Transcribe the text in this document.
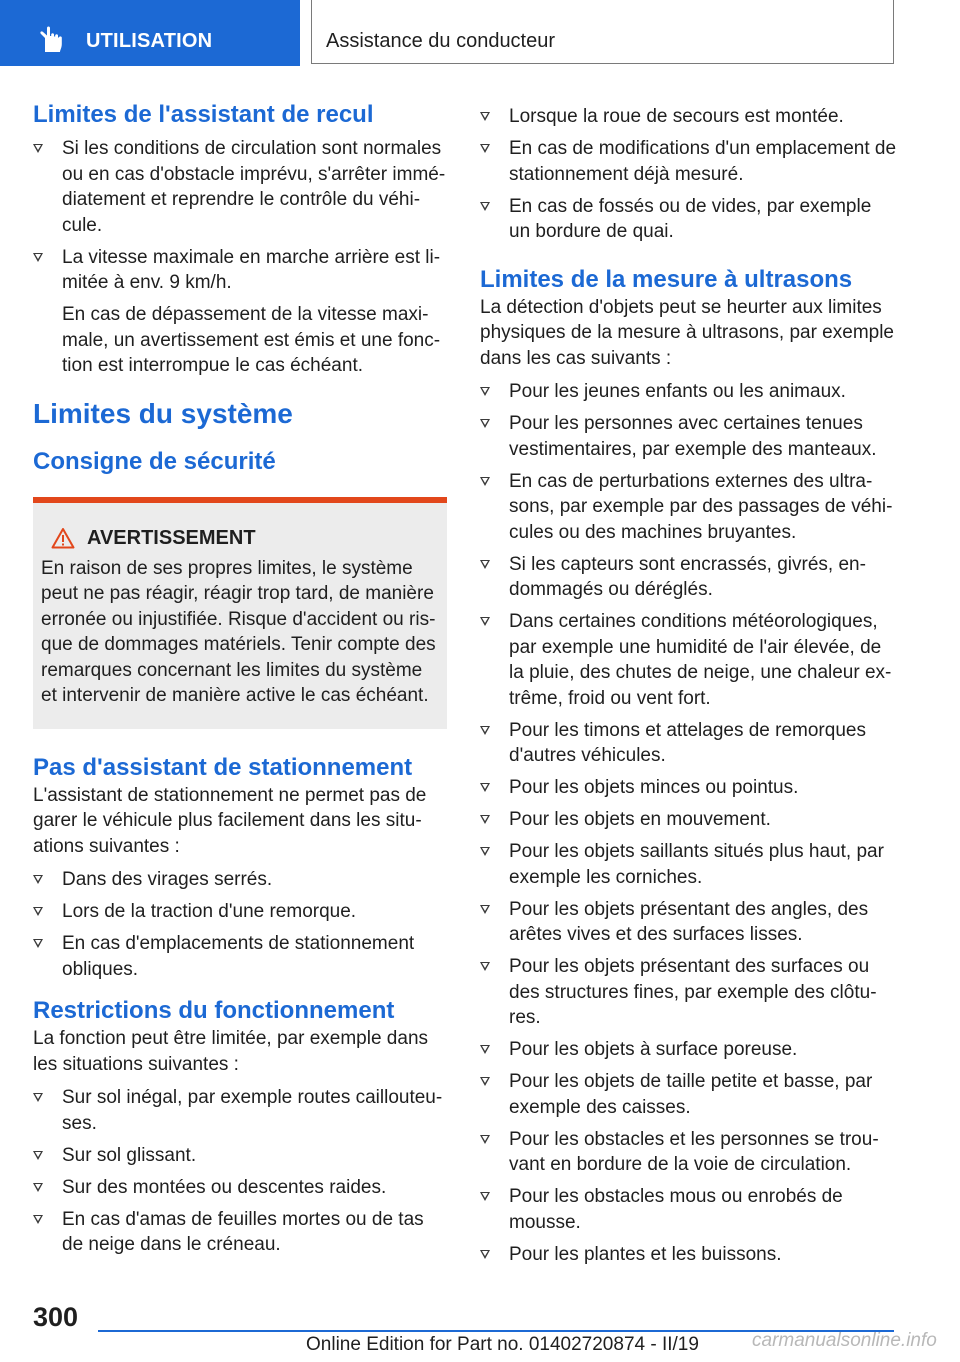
UTILISATION	Assistance du conducteur
Limites de l'assistant de recul
Si les conditions de circulation sont normales ou en cas d'obstacle imprévu, s'arrêter immédiatement et reprendre le contrôle du véhicule.
La vitesse maximale en marche arrière est limitée à env. 9 km/h.
En cas de dépassement de la vitesse maximale, un avertissement est émis et une fonction est interrompue le cas échéant.
Limites du système
Consigne de sécurité
AVERTISSEMENT
En raison de ses propres limites, le système peut ne pas réagir, réagir trop tard, de manière erronée ou injustifiée. Risque d'accident ou risque de dommages matériels. Tenir compte des remarques concernant les limites du système et intervenir de manière active le cas échéant.
Pas d'assistant de stationnement

L'assistant de stationnement ne permet pas de garer le véhicule plus facilement dans les situations suivantes :

Dans des virages serrés.
Lors de la traction d'une remorque.
En cas d'emplacements de stationnement obliques.
Restrictions du fonctionnement

La fonction peut être limitée, par exemple dans les situations suivantes :

Sur sol inégal, par exemple routes caillouteuses.
Sur sol glissant.
Sur des montées ou descentes raides.
En cas d'amas de feuilles mortes ou de tas de neige dans le créneau.
Lorsque la roue de secours est montée.
En cas de modifications d'un emplacement de stationnement déjà mesuré.
En cas de fossés ou de vides, par exemple un bordure de quai.
Limites de la mesure à ultrasons

La détection d'objets peut se heurter aux limites physiques de la mesure à ultrasons, par exemple dans les cas suivants :

Pour les jeunes enfants ou les animaux.
Pour les personnes avec certaines tenues vestimentaires, par exemple des manteaux.
En cas de perturbations externes des ultrasons, par exemple par des passages de véhicules ou des machines bruyantes.
Si les capteurs sont encrassés, givrés, endommagés ou déréglés.
Dans certaines conditions météorologiques, par exemple une humidité de l'air élevée, de la pluie, des chutes de neige, une chaleur extrême, froid ou vent fort.
Pour les timons et attelages de remorques d'autres véhicules.
Pour les objets minces ou pointus.
Pour les objets en mouvement.
Pour les objets saillants situés plus haut, par exemple les corniches.
Pour les objets présentant des angles, des arêtes vives et des surfaces lisses.
Pour les objets présentant des surfaces ou des structures fines, par exemple des clôtures.
Pour les objets à surface poreuse.
Pour les objets de taille petite et basse, par exemple des caisses.
Pour les obstacles et les personnes se trouvant en bordure de la voie de circulation.
Pour les obstacles mous ou enrobés de mousse.
Pour les plantes et les buissons.
300
Online Edition for Part no. 01402720874 - II/19	carmanualsonline.info
